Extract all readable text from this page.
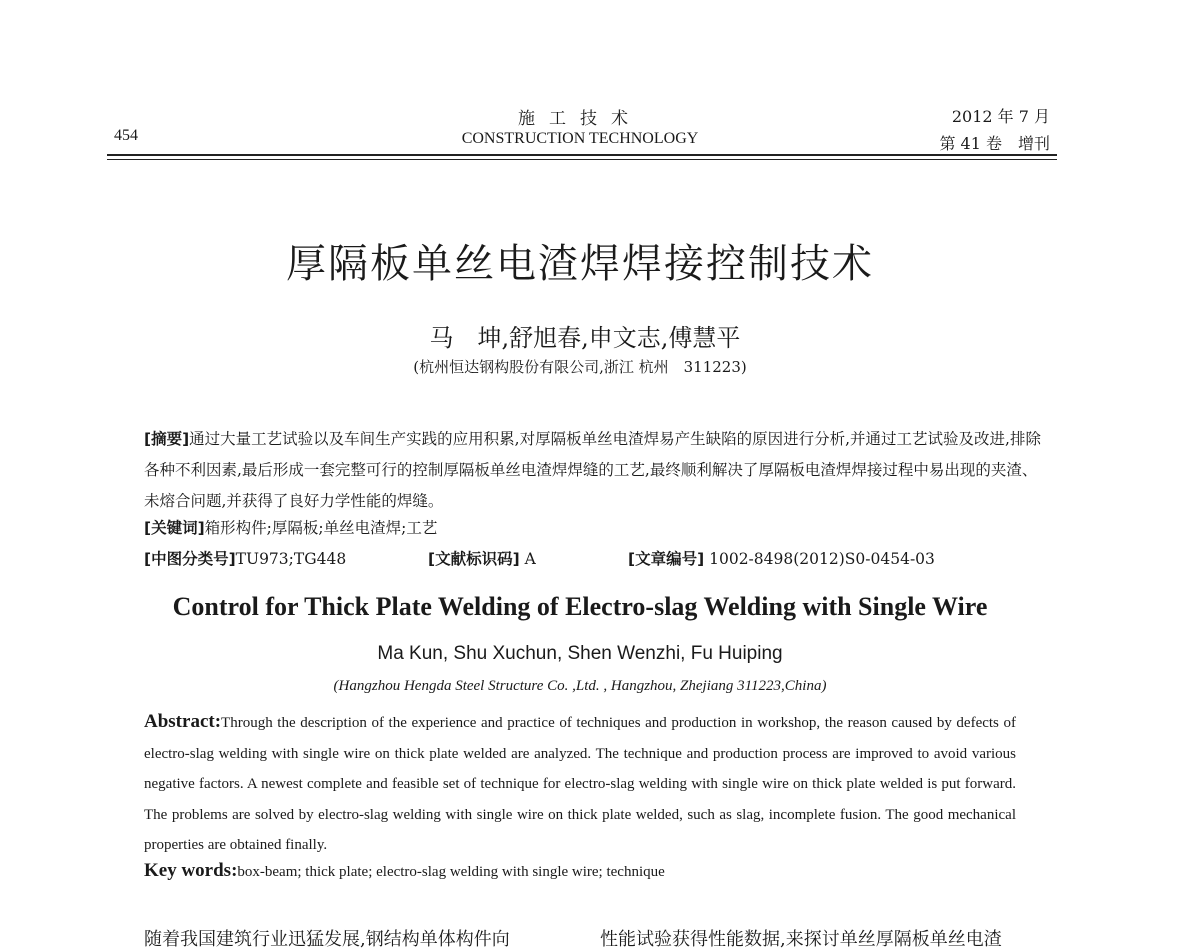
454
施工技术
CONSTRUCTION TECHNOLOGY
2012 年 7 月
第 41 卷　增刊
厚隔板单丝电渣焊焊接控制技术
马　坤,舒旭春,申文志,傅慧平
(杭州恒达钢构股份有限公司,浙江 杭州　311223)
[摘要]通过大量工艺试验以及车间生产实践的应用积累,对厚隔板单丝电渣焊易产生缺陷的原因进行分析,并通过工艺试验及改进,排除各种不利因素,最后形成一套完整可行的控制厚隔板单丝电渣焊焊缝的工艺,最终顺利解决了厚隔板电渣焊焊接过程中易出现的夹渣、未熔合问题,并获得了良好力学性能的焊缝。
[关键词]箱形构件;厚隔板;单丝电渣焊;工艺
[中图分类号]TU973;TG448	[文献标识码] A	[文章编号] 1002-8498(2012)S0-0454-03
Control for Thick Plate Welding of Electro-slag Welding with Single Wire
Ma Kun, Shu Xuchun, Shen Wenzhi, Fu Huiping
(Hangzhou Hengda Steel Structure Co. ,Ltd. , Hangzhou, Zhejiang 311223,China)
Abstract:Through the description of the experience and practice of techniques and production in workshop, the reason caused by defects of electro-slag welding with single wire on thick plate welded are analyzed. The technique and production process are improved to avoid various negative factors. A newest complete and feasible set of technique for electro-slag welding with single wire on thick plate welded is put forward. The problems are solved by electro-slag welding with single wire on thick plate welded, such as slag, incomplete fusion. The good mechanical properties are obtained finally.
Key words:box-beam; thick plate; electro-slag welding with single wire; technique
随着我国建筑行业迅猛发展,钢结构单体构件向	性能试验获得性能数据,来探讨单丝厚隔板单丝电渣
